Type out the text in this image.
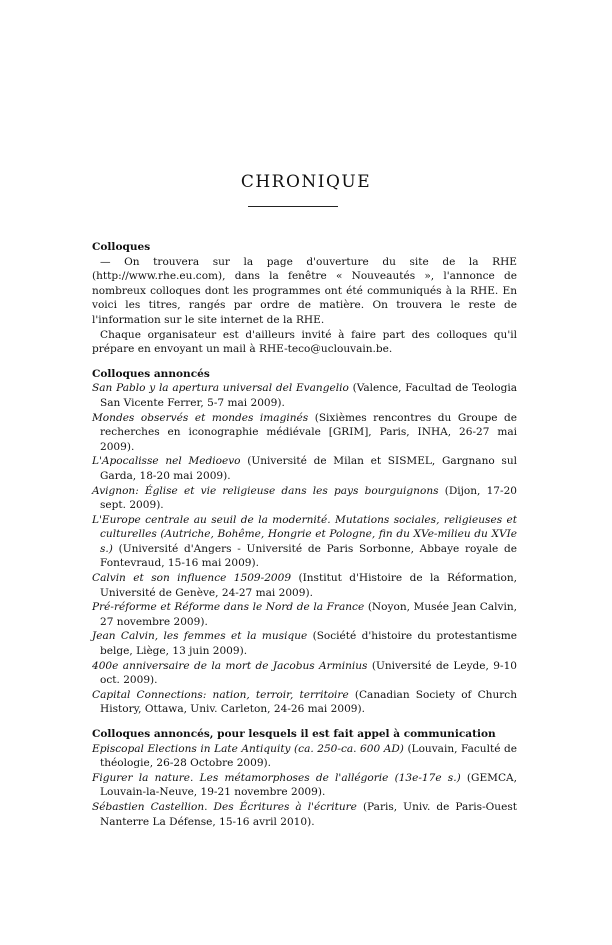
CHRONIQUE
Colloques

— On trouvera sur la page d'ouverture du site de la RHE (http://www.rhe.eu.com), dans la fenêtre « Nouveautés », l'annonce de nombreux colloques dont les programmes ont été communiqués à la RHE. En voici les titres, rangés par ordre de matière. On trouvera le reste de l'information sur le site internet de la RHE.

Chaque organisateur est d'ailleurs invité à faire part des colloques qu'il prépare en envoyant un mail à RHE-teco@uclouvain.be.

Colloques annoncés

San Pablo y la apertura universal del Evangelio (Valence, Facultad de Teologia San Vicente Ferrer, 5-7 mai 2009).

Mondes observés et mondes imaginés (Sixièmes rencontres du Groupe de recherches en iconographie médiévale [GRIM], Paris, INHA, 26-27 mai 2009).

L'Apocalisse nel Medioevo (Université de Milan et SISMEL, Gargnano sul Garda, 18-20 mai 2009).

Avignon: Église et vie religieuse dans les pays bourguignons (Dijon, 17-20 sept. 2009).

L'Europe centrale au seuil de la modernité. Mutations sociales, religieuses et culturelles (Autriche, Bohême, Hongrie et Pologne, fin du XVe-milieu du XVIe s.) (Université d'Angers - Université de Paris Sorbonne, Abbaye royale de Fontevraud, 15-16 mai 2009).

Calvin et son influence 1509-2009 (Institut d'Histoire de la Réformation, Université de Genève, 24-27 mai 2009).

Pré-réforme et Réforme dans le Nord de la France (Noyon, Musée Jean Calvin, 27 novembre 2009).

Jean Calvin, les femmes et la musique (Société d'histoire du protestantisme belge, Liège, 13 juin 2009).

400e anniversaire de la mort de Jacobus Arminius (Université de Leyde, 9-10 oct. 2009).

Capital Connections: nation, terroir, territoire (Canadian Society of Church History, Ottawa, Univ. Carleton, 24-26 mai 2009).

Colloques annoncés, pour lesquels il est fait appel à communication

Episcopal Elections in Late Antiquity (ca. 250-ca. 600 AD) (Louvain, Faculté de théologie, 26-28 Octobre 2009).

Figurer la nature. Les métamorphoses de l'allégorie (13e-17e s.) (GEMCA, Louvain-la-Neuve, 19-21 novembre 2009).

Sébastien Castellion. Des Écritures à l'écriture (Paris, Univ. de Paris-Ouest Nanterre La Défense, 15-16 avril 2010).
